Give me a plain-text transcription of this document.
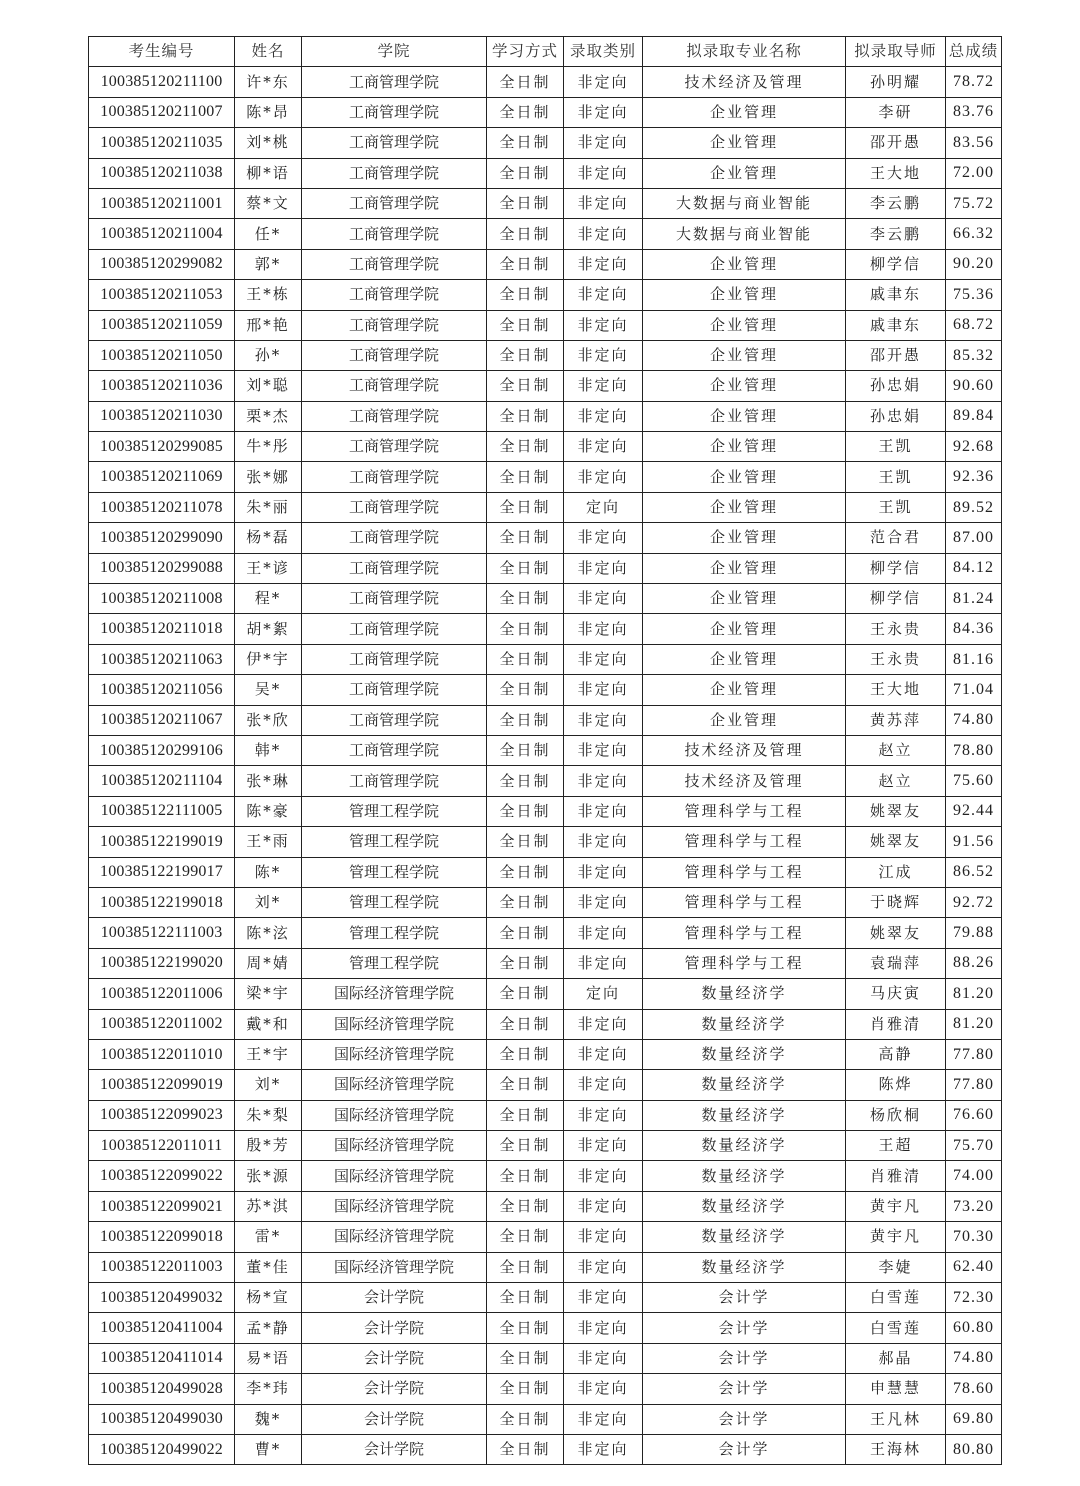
考生编号	姓名	学院	学习方式	录取类别	拟录取专业名称	拟录取导师	总成绩
100385120211100	许*东	工商管理学院	全日制	非定向	技术经济及管理	孙明耀	78.72
100385120211007	陈*昂	工商管理学院	全日制	非定向	企业管理	李研	83.76
100385120211035	刘*桃	工商管理学院	全日制	非定向	企业管理	邵开愚	83.56
100385120211038	柳*语	工商管理学院	全日制	非定向	企业管理	王大地	72.00
100385120211001	蔡*文	工商管理学院	全日制	非定向	大数据与商业智能	李云鹏	75.72
100385120211004	任*	工商管理学院	全日制	非定向	大数据与商业智能	李云鹏	66.32
100385120299082	郭*	工商管理学院	全日制	非定向	企业管理	柳学信	90.20
100385120211053	王*栋	工商管理学院	全日制	非定向	企业管理	戚聿东	75.36
100385120211059	邢*艳	工商管理学院	全日制	非定向	企业管理	戚聿东	68.72
100385120211050	孙*	工商管理学院	全日制	非定向	企业管理	邵开愚	85.32
100385120211036	刘*聪	工商管理学院	全日制	非定向	企业管理	孙忠娟	90.60
100385120211030	栗*杰	工商管理学院	全日制	非定向	企业管理	孙忠娟	89.84
100385120299085	牛*彤	工商管理学院	全日制	非定向	企业管理	王凯	92.68
100385120211069	张*娜	工商管理学院	全日制	非定向	企业管理	王凯	92.36
100385120211078	朱*丽	工商管理学院	全日制	定向	企业管理	王凯	89.52
100385120299090	杨*磊	工商管理学院	全日制	非定向	企业管理	范合君	87.00
100385120299088	王*谚	工商管理学院	全日制	非定向	企业管理	柳学信	84.12
100385120211008	程*	工商管理学院	全日制	非定向	企业管理	柳学信	81.24
100385120211018	胡*絮	工商管理学院	全日制	非定向	企业管理	王永贵	84.36
100385120211063	伊*宇	工商管理学院	全日制	非定向	企业管理	王永贵	81.16
100385120211056	吴*	工商管理学院	全日制	非定向	企业管理	王大地	71.04
100385120211067	张*欣	工商管理学院	全日制	非定向	企业管理	黄苏萍	74.80
100385120299106	韩*	工商管理学院	全日制	非定向	技术经济及管理	赵立	78.80
100385120211104	张*琳	工商管理学院	全日制	非定向	技术经济及管理	赵立	75.60
100385122111005	陈*豪	管理工程学院	全日制	非定向	管理科学与工程	姚翠友	92.44
100385122199019	王*雨	管理工程学院	全日制	非定向	管理科学与工程	姚翠友	91.56
100385122199017	陈*	管理工程学院	全日制	非定向	管理科学与工程	江成	86.52
100385122199018	刘*	管理工程学院	全日制	非定向	管理科学与工程	于晓辉	92.72
100385122111003	陈*泫	管理工程学院	全日制	非定向	管理科学与工程	姚翠友	79.88
100385122199020	周*婧	管理工程学院	全日制	非定向	管理科学与工程	袁瑞萍	88.26
100385122011006	梁*宇	国际经济管理学院	全日制	定向	数量经济学	马庆寅	81.20
100385122011002	戴*和	国际经济管理学院	全日制	非定向	数量经济学	肖雅清	81.20
100385122011010	王*宇	国际经济管理学院	全日制	非定向	数量经济学	高静	77.80
100385122099019	刘*	国际经济管理学院	全日制	非定向	数量经济学	陈烨	77.80
100385122099023	朱*梨	国际经济管理学院	全日制	非定向	数量经济学	杨欣桐	76.60
100385122011011	殷*芳	国际经济管理学院	全日制	非定向	数量经济学	王超	75.70
100385122099022	张*源	国际经济管理学院	全日制	非定向	数量经济学	肖雅清	74.00
100385122099021	苏*淇	国际经济管理学院	全日制	非定向	数量经济学	黄宇凡	73.20
100385122099018	雷*	国际经济管理学院	全日制	非定向	数量经济学	黄宇凡	70.30
100385122011003	董*佳	国际经济管理学院	全日制	非定向	数量经济学	李婕	62.40
100385120499032	杨*宣	会计学院	全日制	非定向	会计学	白雪莲	72.30
100385120411004	孟*静	会计学院	全日制	非定向	会计学	白雪莲	60.80
100385120411014	易*语	会计学院	全日制	非定向	会计学	郝晶	74.80
100385120499028	李*玮	会计学院	全日制	非定向	会计学	申慧慧	78.60
100385120499030	魏*	会计学院	全日制	非定向	会计学	王凡林	69.80
100385120499022	曹*	会计学院	全日制	非定向	会计学	王海林	80.80
